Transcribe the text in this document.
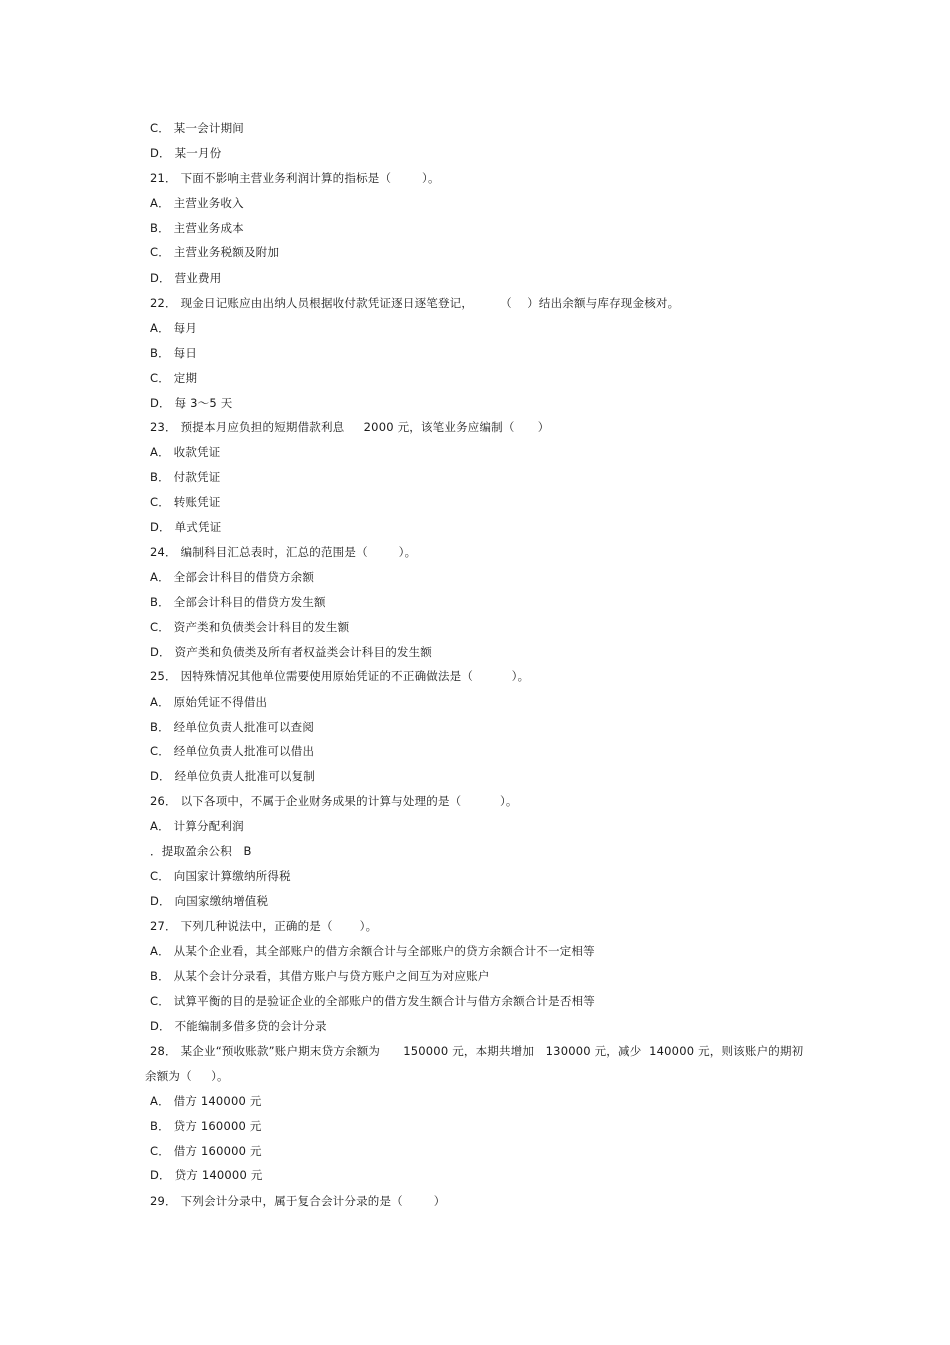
C． 某一会计期间
D． 某一月份
21． 下面不影响主营业务利润计算的指标是（        ）。
A． 主营业务收入
B． 主营业务成本
C． 主营业务税额及附加
D． 营业费用
22． 现金日记账应由出纳人员根据收付款凭证逐日逐笔登记，       （    ）结出余额与库存现金核对。
A． 每月
B． 每日
C． 定期
D． 每 3～5 天
23． 预提本月应负担的短期借款利息     2000 元，该笔业务应编制（      ）
A． 收款凭证
B． 付款凭证
C． 转账凭证
D． 单式凭证
24． 编制科目汇总表时，汇总的范围是（        ）。
A． 全部会计科目的借贷方余额
B． 全部会计科目的借贷方发生额
C． 资产类和负债类会计科目的发生额
D． 资产类和负债类及所有者权益类会计科目的发生额
25． 因特殊情况其他单位需要使用原始凭证的不正确做法是（          ）。
A． 原始凭证不得借出
B． 经单位负责人批准可以查阅
C． 经单位负责人批准可以借出
D． 经单位负责人批准可以复制
26． 以下各项中，不属于企业财务成果的计算与处理的是（          ）。
A． 计算分配利润
．提取盈余公积   B
C． 向国家计算缴纳所得税
D． 向国家缴纳增值税
27． 下列几种说法中，正确的是（       ）。
A． 从某个企业看，其全部账户的借方余额合计与全部账户的贷方余额合计不一定相等
B． 从某个会计分录看，其借方账户与贷方账户之间互为对应账户
C． 试算平衡的目的是验证企业的全部账户的借方发生额合计与借方余额合计是否相等
D． 不能编制多借多贷的会计分录
28． 某企业“预收账款”账户期末贷方余额为      150000 元，本期共增加   130000 元，减少  140000 元，则该账户的期初
余额为（     ）。
A． 借方 140000 元
B． 贷方 160000 元
C． 借方 160000 元
D． 贷方 140000 元
29． 下列会计分录中，属于复合会计分录的是（        ）
